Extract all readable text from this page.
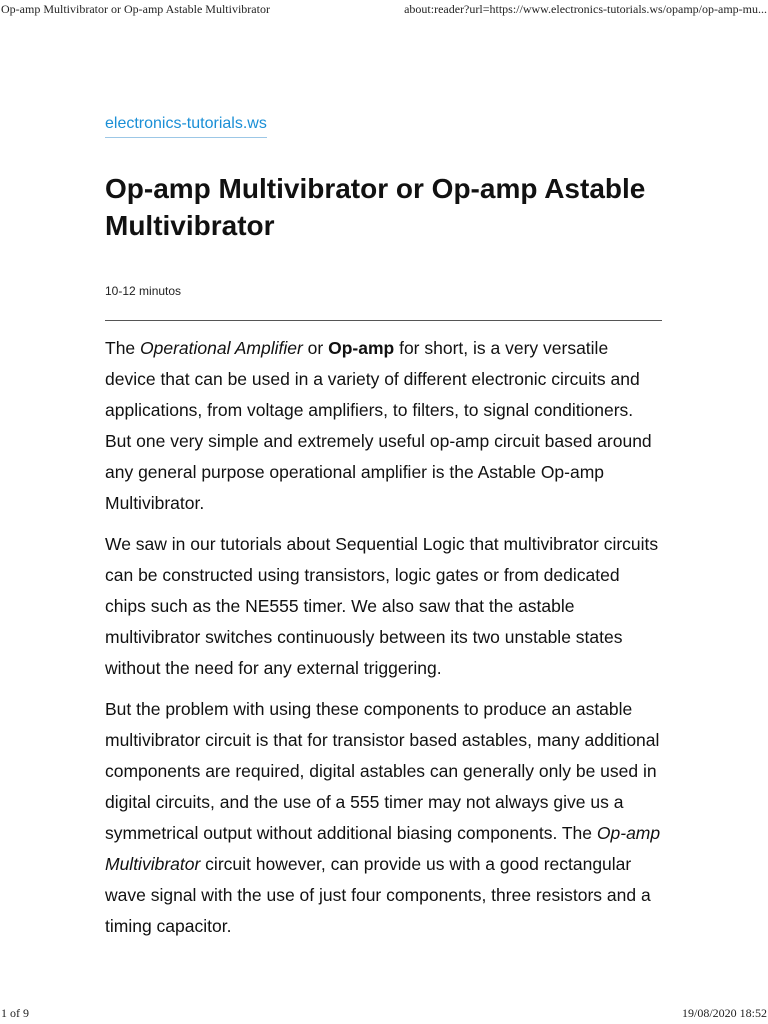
Op-amp Multivibrator or Op-amp Astable Multivibrator	about:reader?url=https://www.electronics-tutorials.ws/opamp/op-amp-mu...
electronics-tutorials.ws
Op-amp Multivibrator or Op-amp Astable Multivibrator
10-12 minutos

The Operational Amplifier or Op-amp for short, is a very versatile device that can be used in a variety of different electronic circuits and applications, from voltage amplifiers, to filters, to signal conditioners. But one very simple and extremely useful op-amp circuit based around any general purpose operational amplifier is the Astable Op-amp Multivibrator.

We saw in our tutorials about Sequential Logic that multivibrator circuits can be constructed using transistors, logic gates or from dedicated chips such as the NE555 timer. We also saw that the astable multivibrator switches continuously between its two unstable states without the need for any external triggering.

But the problem with using these components to produce an astable multivibrator circuit is that for transistor based astables, many additional components are required, digital astables can generally only be used in digital circuits, and the use of a 555 timer may not always give us a symmetrical output without additional biasing components. The Op-amp Multivibrator circuit however, can provide us with a good rectangular wave signal with the use of just four components, three resistors and a timing capacitor.

1 of 9	19/08/2020 18:52
